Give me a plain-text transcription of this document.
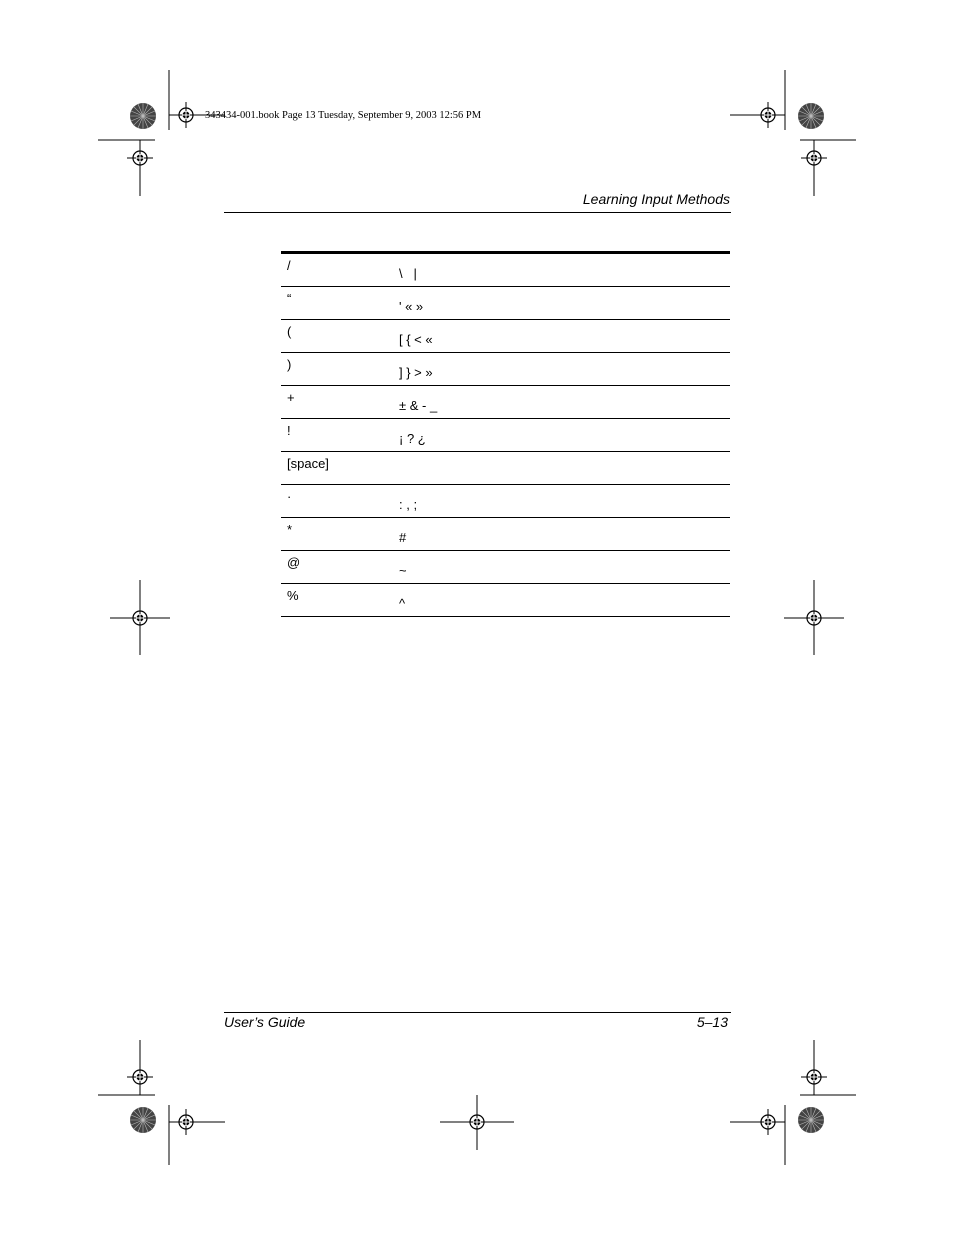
343434-001.book Page 13 Tuesday, September 9, 2003 12:56 PM
Learning Input Methods
/
\   |
“
' « »
(
[ { < «
)
] } > »
+
± & - _
!
¡ ? ¿
[space]
·
: , ;
*
#
@
~
%
^
User’s Guide	5–13
